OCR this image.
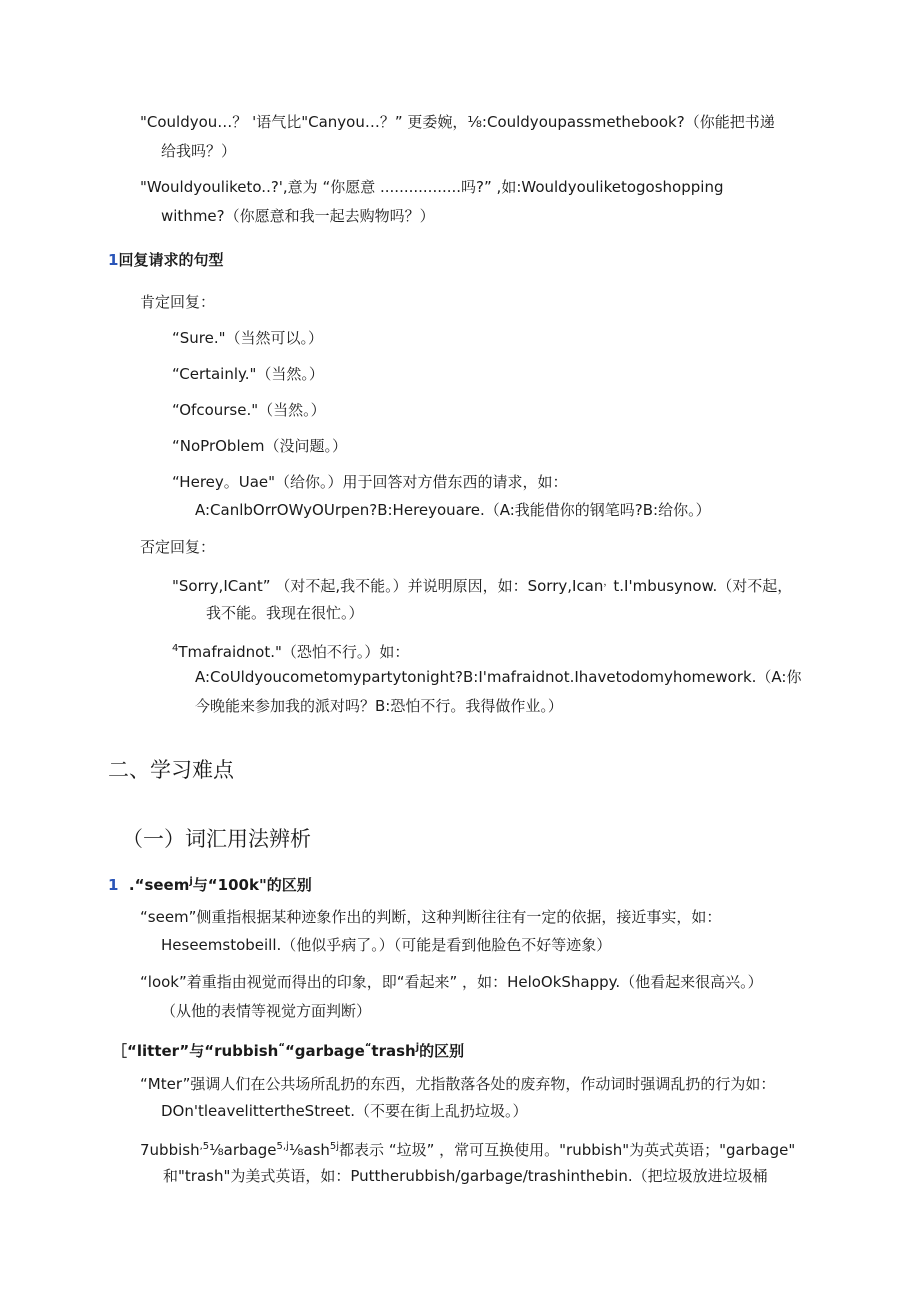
"Couldyou…？ '语气比"Canyou…？” 更委婉，⅛:Couldyoupassmethebook?（你能把书递
给我吗？）
"Wouldyouliketo..?',意为 “你愿意 .................吗?” ,如:Wouldyouliketogoshopping
withme?（你愿意和我一起去购物吗？）
1回复请求的句型
肯定回复：
“Sure."（当然可以。）
“Certainly."（当然。）
“Ofcourse."（当然。）
“NoPrOblem（没问题。）
“Herey。Uae"（给你。）用于回答对方借东西的请求，如：
A:CanlbOrrOWyOUrpen?B:Hereyouare.（A:我能借你的钢笔吗?B:给你。）
否定回复：
"Sorry,ICant” （对不起,我不能。）并说明原因，如：Sorry,Ican，t.I'mbusynow.（对不起，
我不能。我现在很忙。）
$^4$Tmafraidnot."（恐怕不行。）如：
A:CoUldyoucometomypartytonight?B:I'mafraidnot.Ihavetodomyhomework.（A:你
今晚能来参加我的派对吗？B:恐怕不行。我得做作业。）
二、学习难点
（一）词汇用法辨析
1 .“seem$^j$与“100k"的区别
“seem”侧重指根据某种迹象作出的判断，这种判断往往有一定的依据，接近事实，如：
Heseemstobeill.（他似乎病了。）（可能是看到他脸色不好等迹象）
“look”着重指由视觉而得出的印象，即“看起来” ，如：HeloOkShappy.（他看起来很高兴。）
（从他的表情等视觉方面判断）
［“litter”与“rubbish““garbage“trash$^j$的区别
“Mter”强调人们在公共场所乱扔的东西，尤指散落各处的废弃物，作动词时强调乱扔的行为如：
DOn'tleavelittertheStreet.（不要在街上乱扔垃圾。）
7ubbish$^{,5}$⅛arbage$^{5,j}$⅛ash$^{5j}$都表示 “垃圾” ，常可互换使用。"rubbish"为英式英语；"garbage"
和"trash"为美式英语，如：Puttherubbish/garbage/trashinthebin.（把垃圾放进垃圾桶
